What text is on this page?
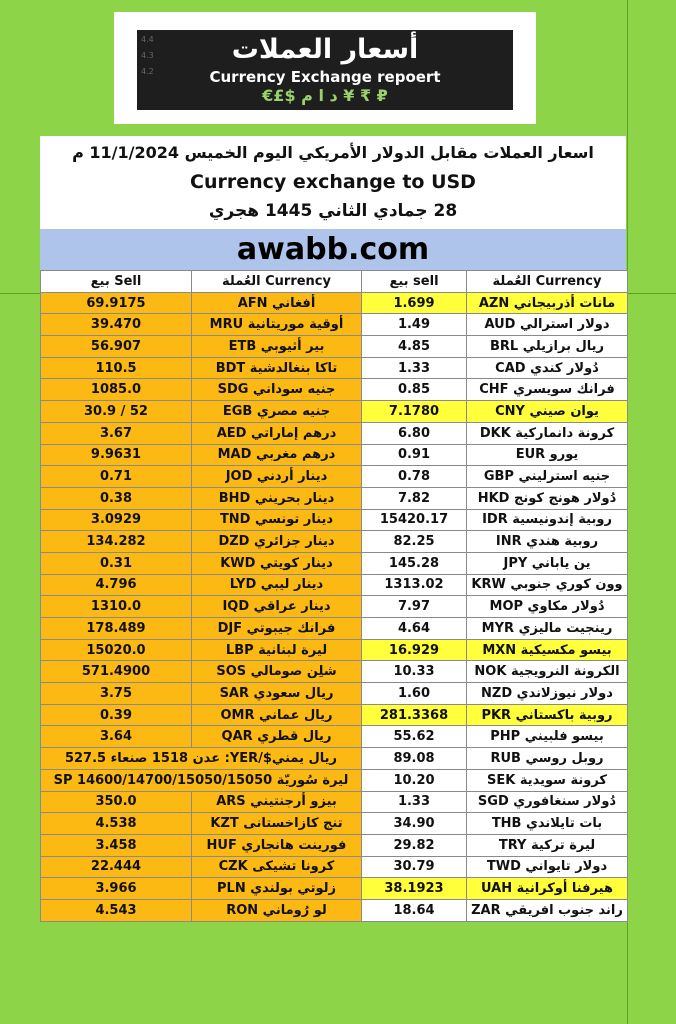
4.4
4.3
4.2
أسعار العملات
Currency Exchange repoert
€£$ د ا م ¥ ₹ ₽
اسعار العملات مقابل الدولار الأمريكي اليوم الخميس 11/1/2024 م
Currency exchange to USD
28 جمادي الثاني 1445 هجري
awabb.com
بيع Sell	العُملة Currency	بيع sell	العُملة Currency
69.9175	أفغاني AFN	1.699	مانات أذربيجاني AZN
39.470	أوقية موريتانية MRU	1.49	دولار استرالي AUD
56.907	بير أثيوبي ETB	4.85	ريال برازيلي BRL
110.5	تاكا بنغالدشية BDT	1.33	دُولار كندي CAD
1085.0	جنيه سوداني SDG	0.85	فرانك سويسري CHF
30.9 / 52	جنيه مصري EGB	7.1780	يوان صيني CNY
3.67	درهم إماراتي AED	6.80	كرونة دانماركية DKK
9.9631	درهم مغربي MAD	0.91	يورو EUR
0.71	دينار أردني JOD	0.78	جنيه استرليني GBP
0.38	دينار بحريني BHD	7.82	دُولار هونج كونج HKD
3.0929	دينار تونسي TND	15420.17	روبية إندونيسية IDR
134.282	دينار جزائري DZD	82.25	روبية هندي INR
0.31	دينار كويتي KWD	145.28	ين ياباني JPY
4.796	دينار ليبي LYD	1313.02	وون كوري جنوبي KRW
1310.0	دينار عراقي IQD	7.97	دُولار مكاوي MOP
178.489	فرانك جيبوتي DJF	4.64	رينجيت ماليزي MYR
15020.0	ليرة لبنانية LBP	16.929	بيسو مكسيكية MXN
571.4900	شلِن صومالي SOS	10.33	الكرونة النرويجية NOK
3.75	ريال سعودي SAR	1.60	دولار نيوزلاندي NZD
0.39	ريال عماني OMR	281.3368	روبية باكستاني PKR
3.64	ريال قطري QAR	55.62	بيسو فلبيني PHP
ريال يمني$/YER: عدن 1518 صنعاء 527.5		89.08	روبل روسي RUB
ليرة سُوريّة SP 14600/14700/15050/15050		10.20	كرونة سويدية SEK
350.0	بيزو أرجنتيني ARS	1.33	دُولار سنغافوري SGD
4.538	تنج كازاخستانى KZT	34.90	بات تايلاندي THB
3.458	فورينت هانجاري HUF	29.82	ليرة تركية TRY
22.444	كرونا تشيكى CZK	30.79	دولار تايواني TWD
3.966	زلوتي بولندي PLN	38.1923	هيرفنا أوكرانية UAH
4.543	لو رُوماني RON	18.64	راند جنوب افريقي ZAR
